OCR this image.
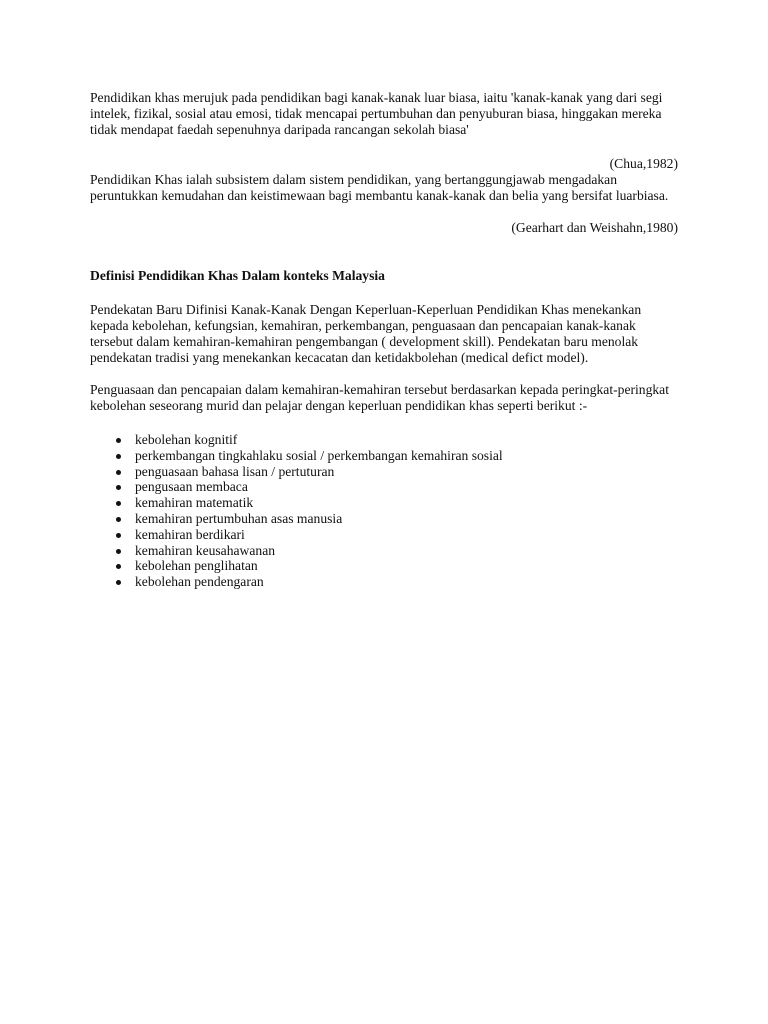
Pendidikan khas merujuk pada pendidikan bagi kanak-kanak luar biasa, iaitu 'kanak-kanak yang dari segi intelek, fizikal, sosial atau emosi, tidak mencapai pertumbuhan dan penyuburan biasa, hinggakan mereka tidak mendapat faedah sepenuhnya daripada rancangan sekolah biasa'

(Chua,1982)

Pendidikan Khas ialah subsistem dalam sistem pendidikan, yang bertanggungjawab mengadakan peruntukkan kemudahan dan keistimewaan bagi membantu kanak-kanak dan belia yang bersifat luarbiasa.

(Gearhart dan Weishahn,1980)
Definisi Pendidikan Khas Dalam konteks Malaysia

Pendekatan Baru Difinisi Kanak-Kanak Dengan Keperluan-Keperluan Pendidikan Khas menekankan kepada kebolehan, kefungsian, kemahiran, perkembangan, penguasaan dan pencapaian kanak-kanak tersebut dalam kemahiran-kemahiran pengembangan ( development skill). Pendekatan baru menolak pendekatan tradisi yang menekankan kecacatan dan ketidakbolehan (medical defict model).

Penguasaan dan pencapaian dalam kemahiran-kemahiran tersebut berdasarkan kepada peringkat-peringkat kebolehan seseorang murid dan pelajar dengan keperluan pendidikan khas seperti berikut :-

kebolehan kognitif
perkembangan tingkahlaku sosial / perkembangan kemahiran sosial
penguasaan bahasa lisan / pertuturan
pengusaan membaca
kemahiran matematik
kemahiran pertumbuhan asas manusia
kemahiran berdikari
kemahiran keusahawanan
kebolehan penglihatan
kebolehan pendengaran
